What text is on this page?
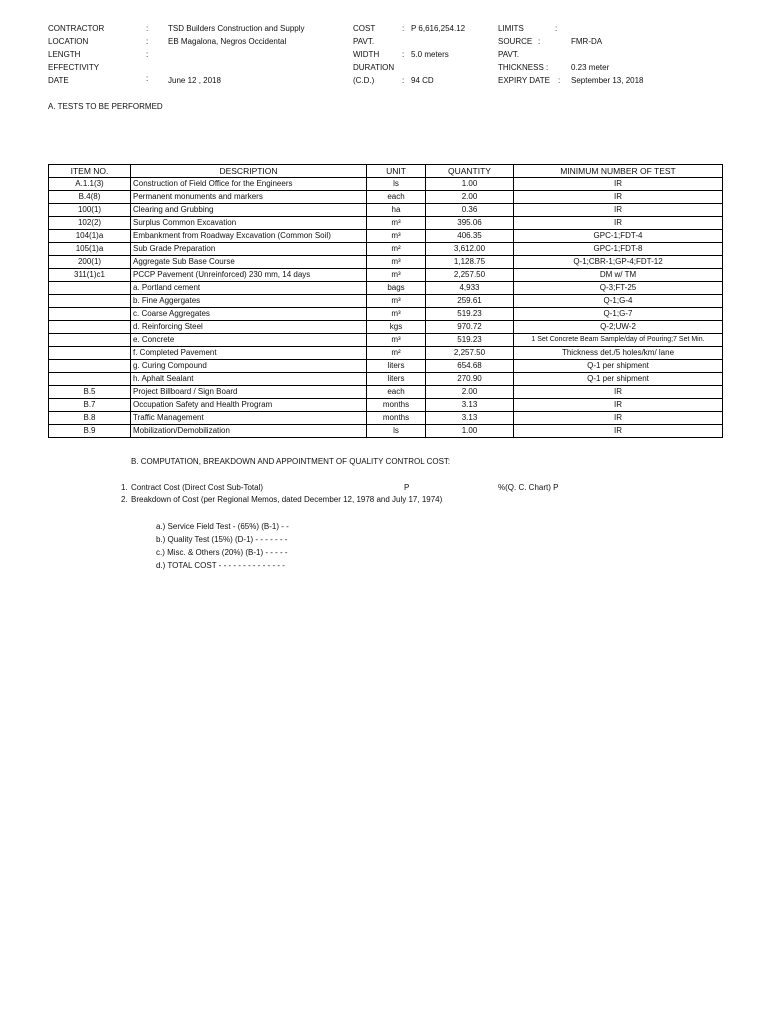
CONTRACTOR	: TSD Builders Construction and Supply
LOCATION	: EB Magalona, Negros Occidental
LENGTH	:
EFFECTIVITY
DATE	: June 12 , 2018
COST	: P 6,616,254.12
PAVT.
WIDTH	: 5.0 meters
DURATION
(C.D.)	: 94 CD
LIMITS	:
SOURCE :	FMR-DA
PAVT.
THICKNESS :	0.23 meter
EXPIRY DATE : September 13, 2018
A. TESTS TO BE PERFORMED
ITEM NO.	DESCRIPTION	UNIT	QUANTITY	MINIMUM NUMBER OF TEST
A.1.1(3)	Construction of Field Office for the Engineers	ls	1.00	IR
B.4(8)	Permanent monuments and markers	each	2.00	IR
100(1)	Clearing and Grubbing	ha	0.36	IR
102(2)	Surplus Common Excavation	m³	395.06	IR
104(1)a	Embankment from Roadway Excavation (Common Soil)	m³	406.35	GPC-1;FDT-4
105(1)a	Sub Grade Preparation	m²	3,612.00	GPC-1;FDT-8
200(1)	Aggregate Sub Base Course	m³	1,128.75	Q-1;CBR-1;GP-4;FDT-12
311(1)c1	PCCP Pavement (Unreinforced) 230 mm, 14 days	m³	2,257.50	DM w/ TM
	a. Portland cement	bags	4,933	Q-3;FT-25
	b. Fine Aggergates	m³	259.61	Q-1;G-4
	c. Coarse Aggregates	m³	519.23	Q-1;G-7
	d. Reinforcing Steel	kgs	970.72	Q-2;UW-2
	e. Concrete	m³	519.23	1 Set Concrete Beam Sample/day of Pouring;7 Set Min.
	f. Completed Pavement	m²	2,257.50	Thickness det./5 holes/km/ lane
	g. Curing Compound	liters	654.68	Q-1 per shipment
	h. Aphalt Sealant	liters	270.90	Q-1 per shipment
B.5	Project Billboard / Sign Board	each	2.00	IR
B.7	Occupation Safety and Health Program	months	3.13	IR
B.8	Traffic Management	months	3.13	IR
B.9	Mobilization/Demobilization	ls	1.00	IR
B. COMPUTATION, BREAKDOWN AND APPOINTMENT OF QUALITY CONTROL COST:
1. Contract Cost (Direct Cost Sub-Total)	P	%(Q. C. Chart) P
2. Breakdown of Cost (per Regional Memos, dated December 12, 1978 and July 17, 1974)
a.) Service Field Test - (65%) (B-1) - -
b.) Quality Test (15%) (D-1) - - - - - - -
c.) Misc. & Others (20%) (B-1) - - - - -
d.) TOTAL COST - - - - - - - - - - - - - -
